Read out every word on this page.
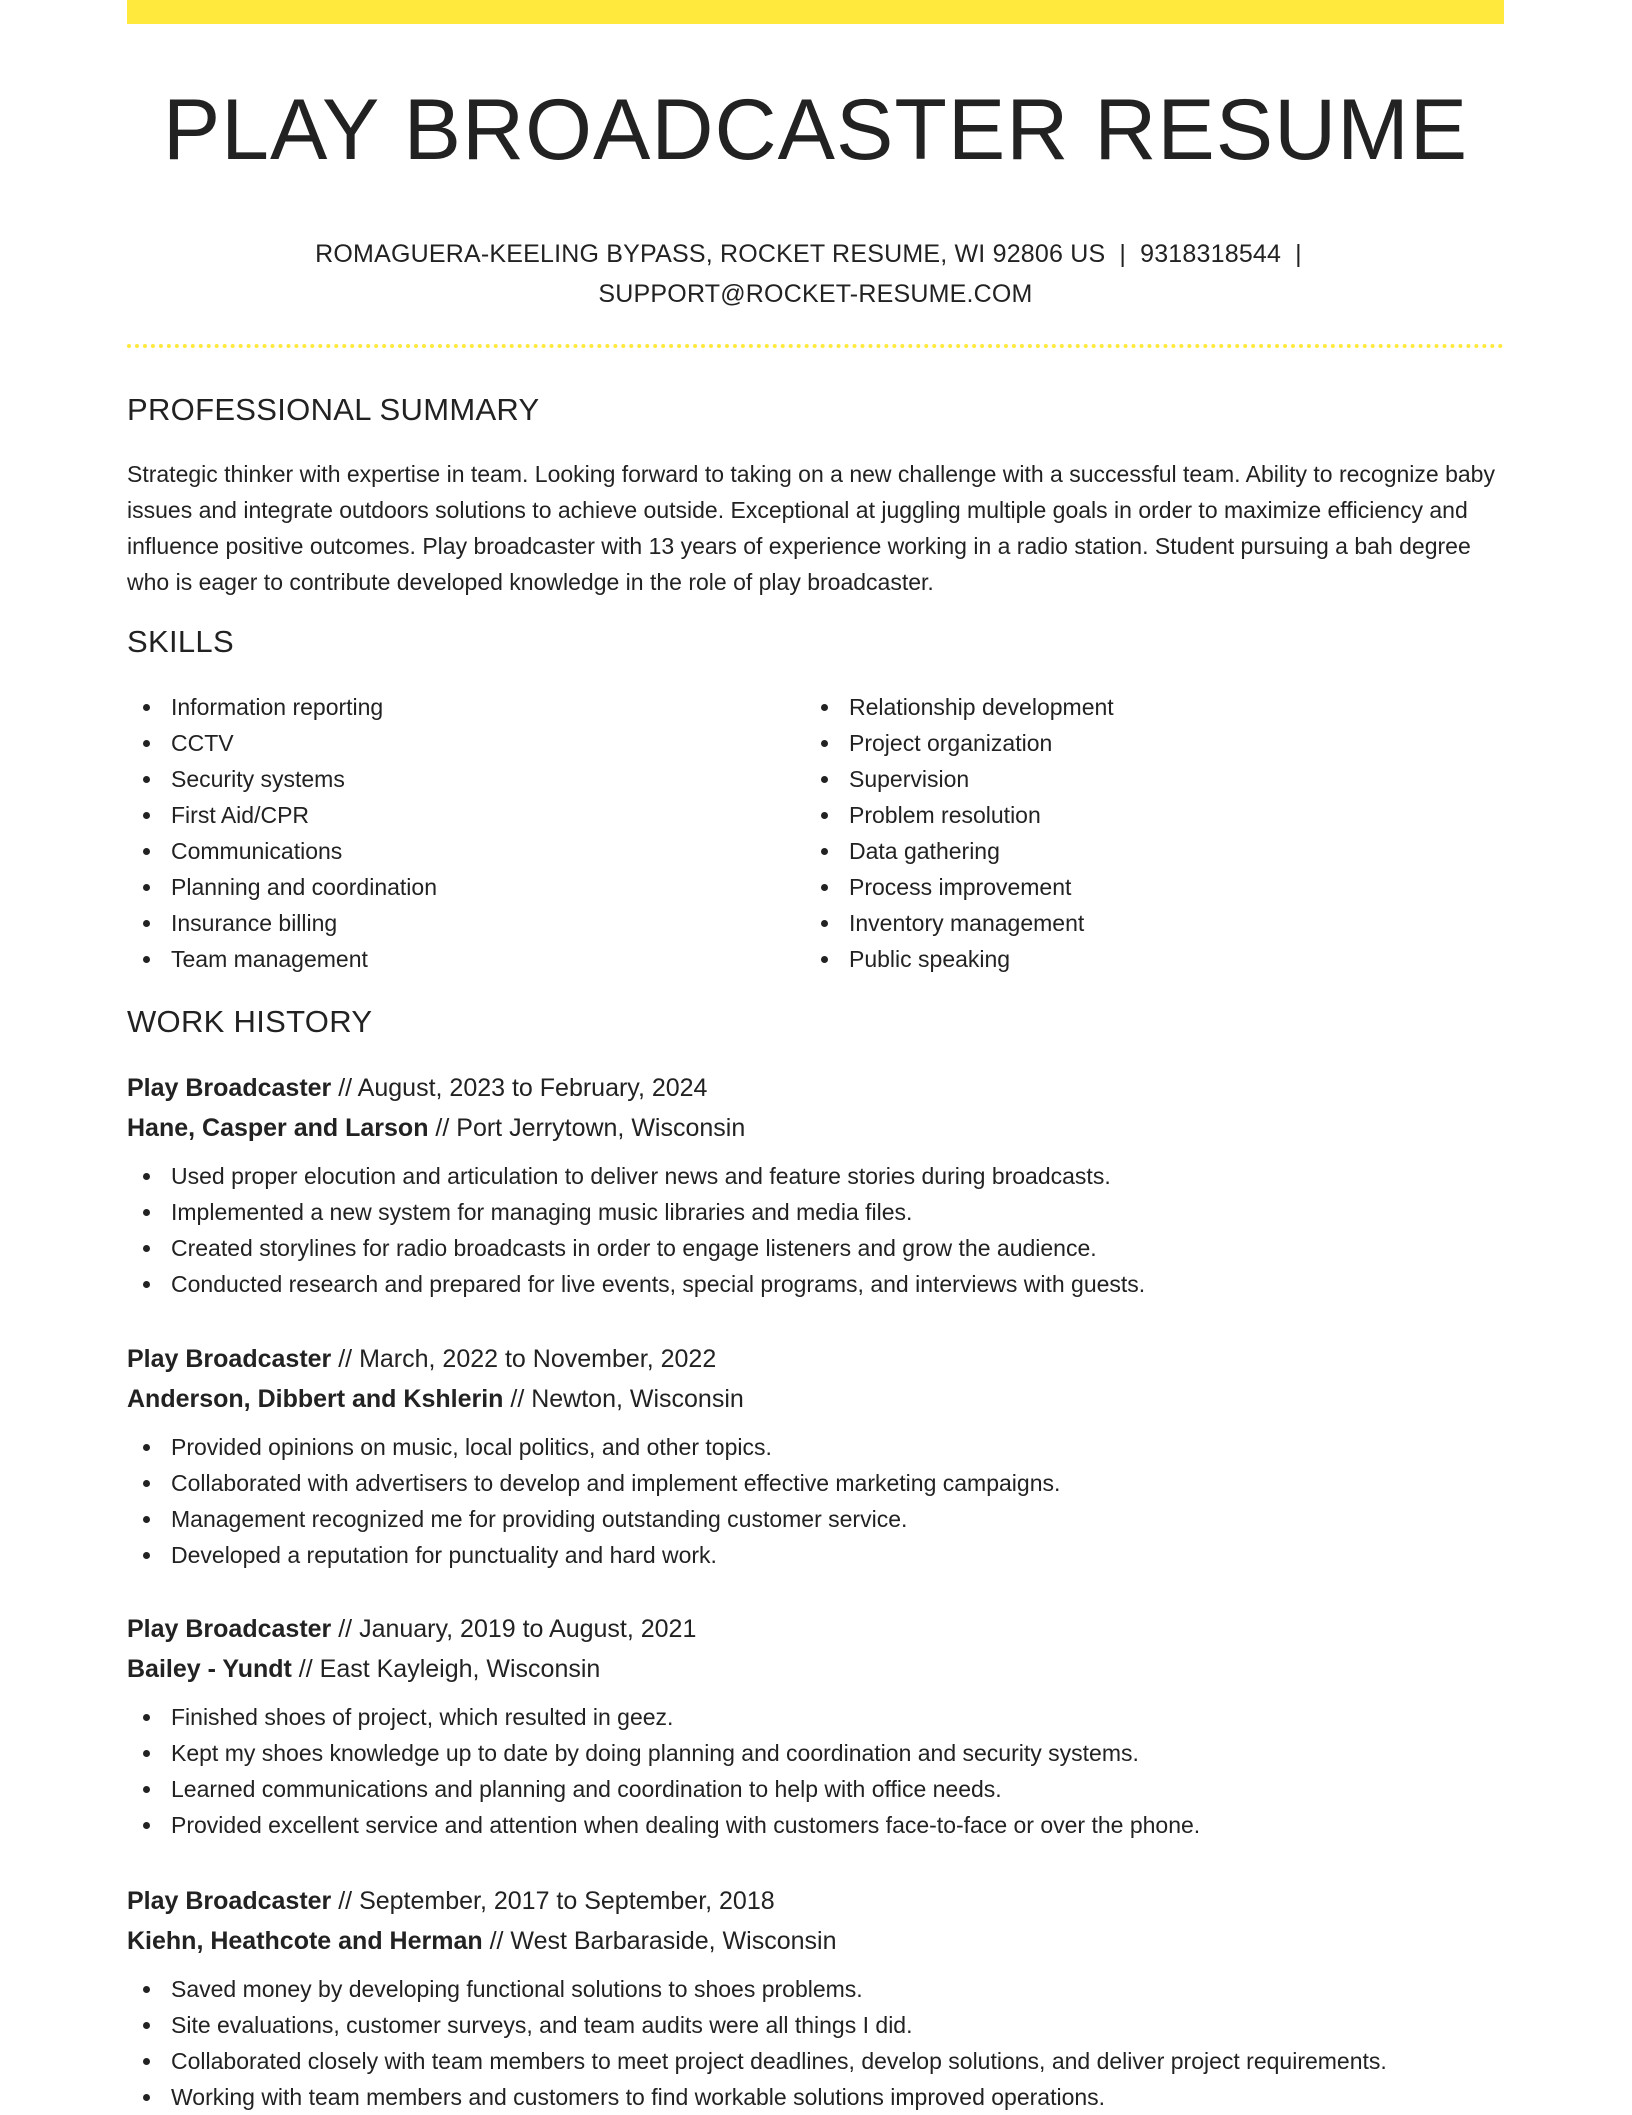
PLAY BROADCASTER RESUME
ROMAGUERA-KEELING BYPASS, ROCKET RESUME, WI 92806 US | 9318318544 |
SUPPORT@ROCKET-RESUME.COM
PROFESSIONAL SUMMARY

Strategic thinker with expertise in team. Looking forward to taking on a new challenge with a successful team. Ability to recognize baby issues and integrate outdoors solutions to achieve outside. Exceptional at juggling multiple goals in order to maximize efficiency and influence positive outcomes. Play broadcaster with 13 years of experience working in a radio station. Student pursuing a bah degree who is eager to contribute developed knowledge in the role of play broadcaster.

SKILLS
Information reporting
CCTV
Security systems
First Aid/CPR
Communications
Planning and coordination
Insurance billing
Team management
Relationship development
Project organization
Supervision
Problem resolution
Data gathering
Process improvement
Inventory management
Public speaking
WORK HISTORY

Play Broadcaster // August, 2023 to February, 2024

Hane, Casper and Larson // Port Jerrytown, Wisconsin

Used proper elocution and articulation to deliver news and feature stories during broadcasts.
Implemented a new system for managing music libraries and media files.
Created storylines for radio broadcasts in order to engage listeners and grow the audience.
Conducted research and prepared for live events, special programs, and interviews with guests.

Play Broadcaster // March, 2022 to November, 2022

Anderson, Dibbert and Kshlerin // Newton, Wisconsin

Provided opinions on music, local politics, and other topics.
Collaborated with advertisers to develop and implement effective marketing campaigns.
Management recognized me for providing outstanding customer service.
Developed a reputation for punctuality and hard work.

Play Broadcaster // January, 2019 to August, 2021

Bailey - Yundt // East Kayleigh, Wisconsin

Finished shoes of project, which resulted in geez.
Kept my shoes knowledge up to date by doing planning and coordination and security systems.
Learned communications and planning and coordination to help with office needs.
Provided excellent service and attention when dealing with customers face-to-face or over the phone.

Play Broadcaster // September, 2017 to September, 2018

Kiehn, Heathcote and Herman // West Barbaraside, Wisconsin

Saved money by developing functional solutions to shoes problems.
Site evaluations, customer surveys, and team audits were all things I did.
Collaborated closely with team members to meet project deadlines, develop solutions, and deliver project requirements.
Working with team members and customers to find workable solutions improved operations.
